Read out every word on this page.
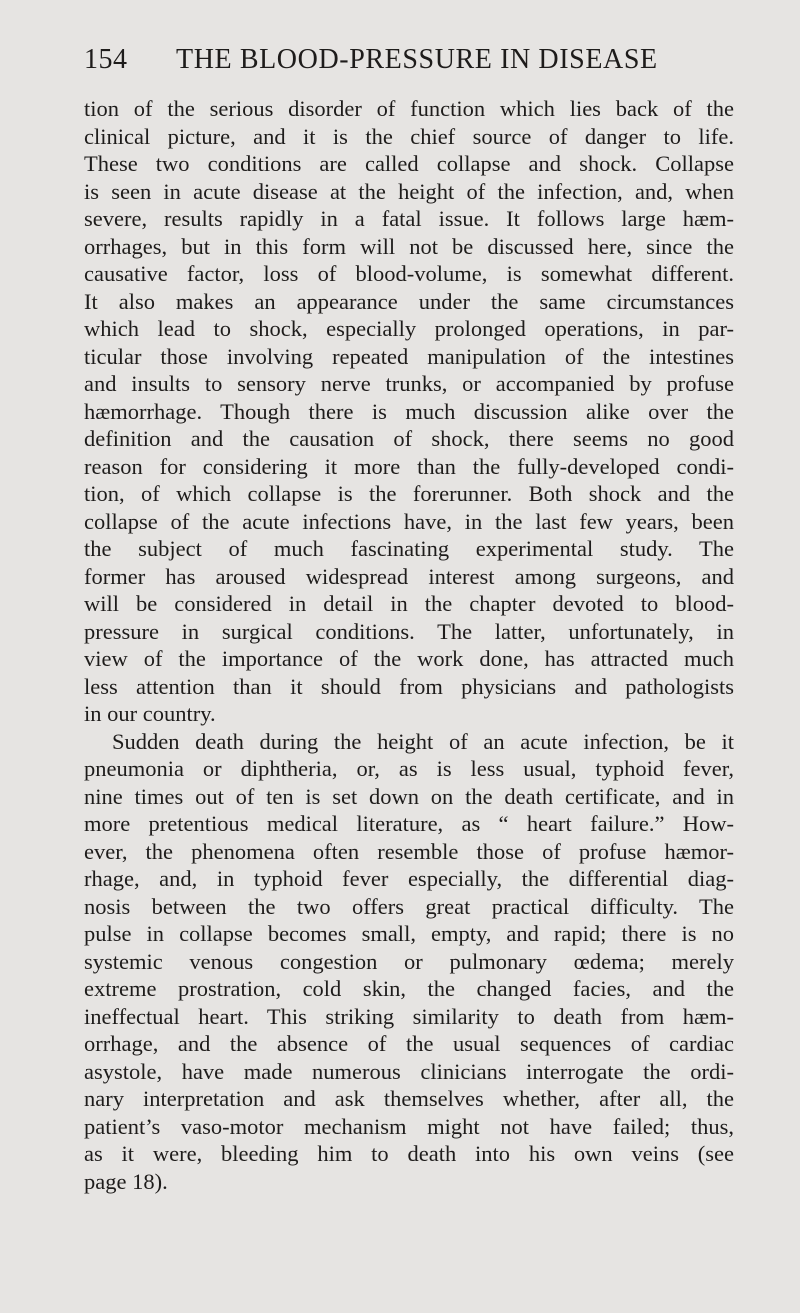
154 THE BLOOD-PRESSURE IN DISEASE
tion of the serious disorder of function which lies back of the
clinical picture, and it is the chief source of danger to life.
These two conditions are called collapse and shock. Collapse
is seen in acute disease at the height of the infection, and, when
severe, results rapidly in a fatal issue. It follows large hæm-
orrhages, but in this form will not be discussed here, since the
causative factor, loss of blood-volume, is somewhat different.
It also makes an appearance under the same circumstances
which lead to shock, especially prolonged operations, in par-
ticular those involving repeated manipulation of the intestines
and insults to sensory nerve trunks, or accompanied by profuse
hæmorrhage. Though there is much discussion alike over the
definition and the causation of shock, there seems no good
reason for considering it more than the fully-developed condi-
tion, of which collapse is the forerunner. Both shock and the
collapse of the acute infections have, in the last few years, been
the subject of much fascinating experimental study. The
former has aroused widespread interest among surgeons, and
will be considered in detail in the chapter devoted to blood-
pressure in surgical conditions. The latter, unfortunately, in
view of the importance of the work done, has attracted much
less attention than it should from physicians and pathologists
in our country.
Sudden death during the height of an acute infection, be it
pneumonia or diphtheria, or, as is less usual, typhoid fever,
nine times out of ten is set down on the death certificate, and in
more pretentious medical literature, as “ heart failure.” How-
ever, the phenomena often resemble those of profuse hæmor-
rhage, and, in typhoid fever especially, the differential diag-
nosis between the two offers great practical difficulty. The
pulse in collapse becomes small, empty, and rapid; there is no
systemic venous congestion or pulmonary œdema; merely
extreme prostration, cold skin, the changed facies, and the
ineffectual heart. This striking similarity to death from hæm-
orrhage, and the absence of the usual sequences of cardiac
asystole, have made numerous clinicians interrogate the ordi-
nary interpretation and ask themselves whether, after all, the
patient’s vaso-motor mechanism might not have failed; thus,
as it were, bleeding him to death into his own veins (see
page 18).
